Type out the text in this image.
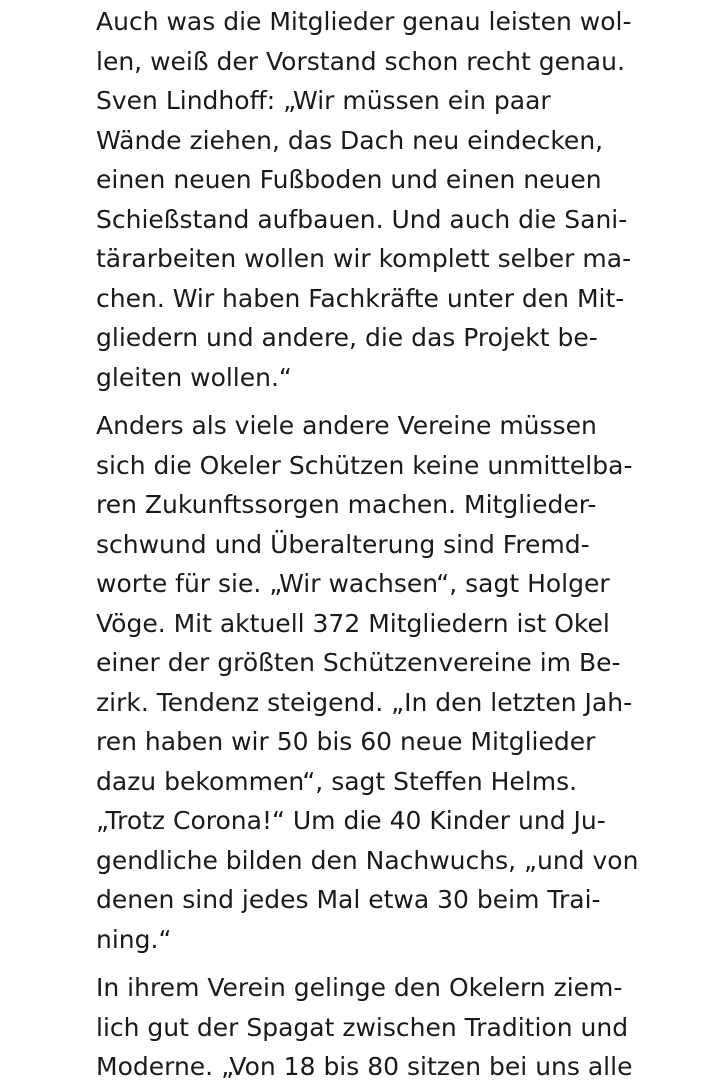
Auch was die Mitglieder genau leisten wol-
len, weiß der Vorstand schon recht genau.
Sven Lindhoff: „Wir müssen ein paar
Wände ziehen, das Dach neu eindecken,
einen neuen Fußboden und einen neuen
Schießstand aufbauen. Und auch die Sani-
tärarbeiten wollen wir komplett selber ma-
chen. Wir haben Fachkräfte unter den Mit-
gliedern und andere, die das Projekt be-
gleiten wollen.“

Anders als viele andere Vereine müssen
sich die Okeler Schützen keine unmittelba-
ren Zukunftssorgen machen. Mitglieder-
schwund und Überalterung sind Fremd-
worte für sie. „Wir wachsen“, sagt Holger
Vöge. Mit aktuell 372 Mitgliedern ist Okel
einer der größten Schützenvereine im Be-
zirk. Tendenz steigend. „In den letzten Jah-
ren haben wir 50 bis 60 neue Mitglieder
dazu bekommen“, sagt Steffen Helms.
„Trotz Corona!“ Um die 40 Kinder und Ju-
gendliche bilden den Nachwuchs, „und von
denen sind jedes Mal etwa 30 beim Trai-
ning.“

In ihrem Verein gelinge den Okelern ziem-
lich gut der Spagat zwischen Tradition und
Moderne. „Von 18 bis 80 sitzen bei uns alle
